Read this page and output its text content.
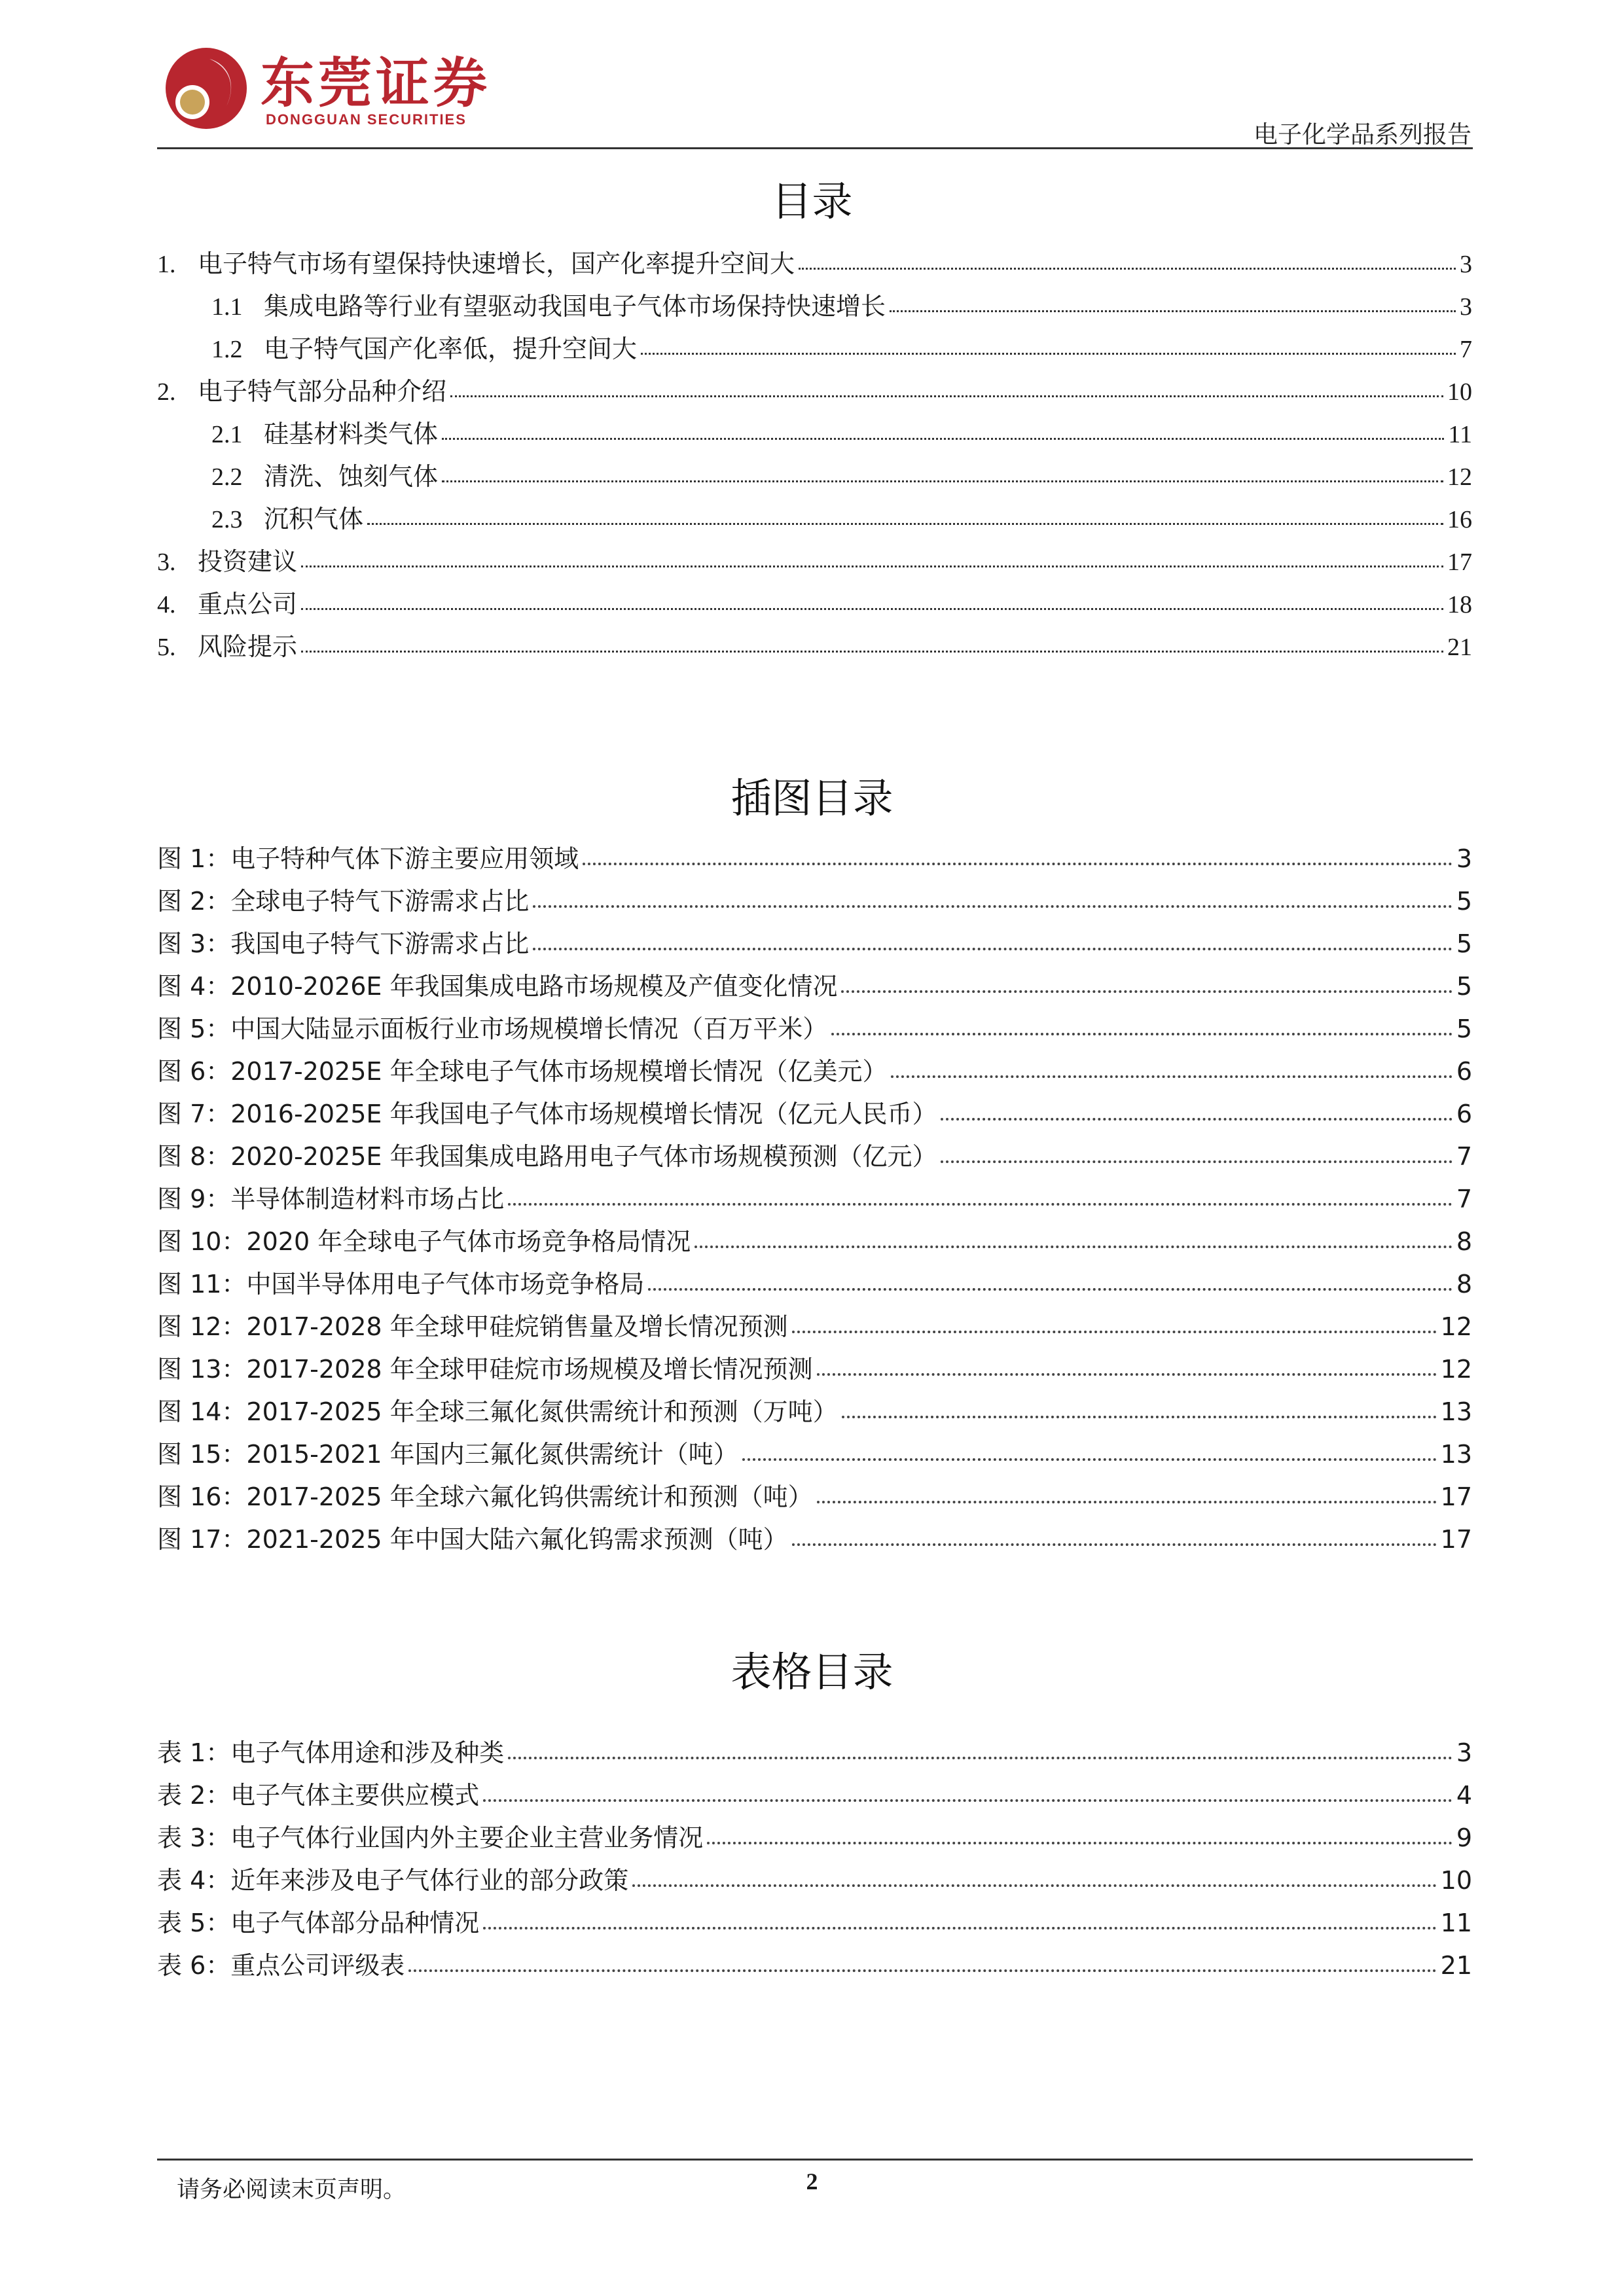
东莞证券
DONGGUAN SECURITIES
电子化学品系列报告
目录
1. 电子特气市场有望保持快速增长，国产化率提升空间大	3
1.1 集成电路等行业有望驱动我国电子气体市场保持快速增长	3
1.2 电子特气国产化率低，提升空间大	7
2. 电子特气部分品种介绍	10
2.1 硅基材料类气体	11
2.2 清洗、蚀刻气体	12
2.3 沉积气体	16
3. 投资建议	17
4. 重点公司	18
5. 风险提示	21
插图目录
图 1：电子特种气体下游主要应用领域	3
图 2：全球电子特气下游需求占比	5
图 3：我国电子特气下游需求占比	5
图 4：2010-2026E 年我国集成电路市场规模及产值变化情况	5
图 5：中国大陆显示面板行业市场规模增长情况（百万平米）	5
图 6：2017-2025E 年全球电子气体市场规模增长情况（亿美元）	6
图 7：2016-2025E 年我国电子气体市场规模增长情况（亿元人民币）	6
图 8：2020-2025E 年我国集成电路用电子气体市场规模预测（亿元）	7
图 9：半导体制造材料市场占比	7
图 10：2020 年全球电子气体市场竞争格局情况	8
图 11：中国半导体用电子气体市场竞争格局	8
图 12：2017-2028 年全球甲硅烷销售量及增长情况预测	12
图 13：2017-2028 年全球甲硅烷市场规模及增长情况预测	12
图 14：2017-2025 年全球三氟化氮供需统计和预测（万吨）	13
图 15：2015-2021 年国内三氟化氮供需统计（吨）	13
图 16：2017-2025 年全球六氟化钨供需统计和预测（吨）	17
图 17：2021-2025 年中国大陆六氟化钨需求预测（吨）	17
表格目录
表 1：电子气体用途和涉及种类	3
表 2：电子气体主要供应模式	4
表 3：电子气体行业国内外主要企业主营业务情况	9
表 4：近年来涉及电子气体行业的部分政策	10
表 5：电子气体部分品种情况	11
表 6：重点公司评级表	21
请务必阅读末页声明。	2
